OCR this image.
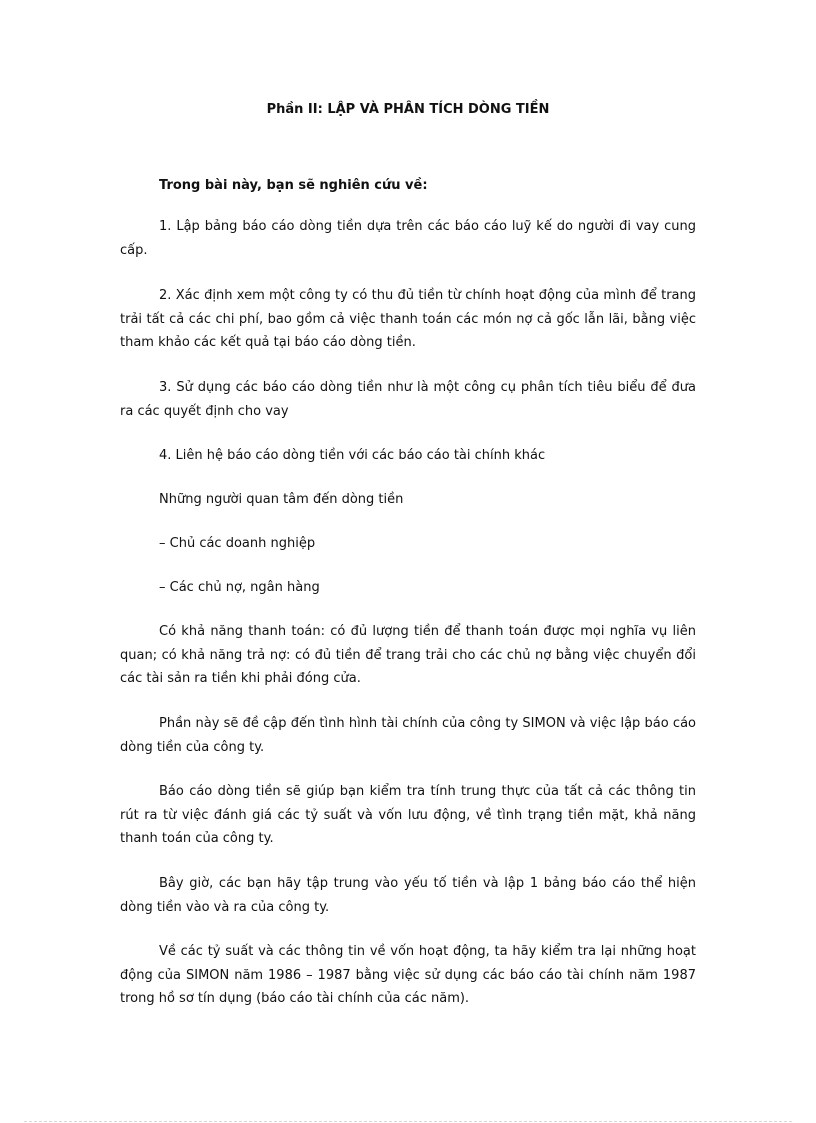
Phần II: LẬP VÀ PHÂN TÍCH DÒNG TIỀN

Trong bài này, bạn sẽ nghiên cứu về:

1. Lập bảng báo cáo dòng tiền dựa trên các báo cáo luỹ kế do người đi vay cung cấp.

2. Xác định xem một công ty có thu đủ tiền từ chính hoạt động của mình để trang trải tất cả các chi phí, bao gồm cả việc thanh toán các món nợ cả gốc lẫn lãi, bằng việc tham khảo các kết quả tại báo cáo dòng tiền.

3. Sử dụng các báo cáo dòng tiền như là một công cụ phân tích tiêu biểu để đưa ra các quyết định cho vay

4. Liên hệ báo cáo dòng tiền với các báo cáo tài chính khác

Những người quan tâm đến dòng tiền

– Chủ các doanh nghiệp

– Các chủ nợ, ngân hàng

Có khả năng thanh toán: có đủ lượng tiền để thanh toán được mọi nghĩa vụ liên quan; có khả năng trả nợ: có đủ tiền để trang trải cho các chủ nợ bằng việc chuyển đổi các tài sản ra tiền khi phải đóng cửa.

Phần này sẽ đề cập đến tình hình tài chính của công ty SIMON và việc lập báo cáo dòng tiền của công ty.

Báo cáo dòng tiền sẽ giúp bạn kiểm tra tính trung thực của tất cả các thông tin rút ra từ việc đánh giá các tỷ suất và vốn lưu động, về tình trạng tiền mặt, khả năng thanh toán của công ty.

Bây giờ, các bạn hãy tập trung vào yếu tố tiền và lập 1 bảng báo cáo thể hiện dòng tiền vào và ra của công ty.

Về các tỷ suất và các thông tin về vốn hoạt động, ta hãy kiểm tra lại những hoạt động của SIMON năm 1986 – 1987 bằng việc sử dụng các báo cáo tài chính năm 1987 trong hồ sơ tín dụng (báo cáo tài chính của các năm).
